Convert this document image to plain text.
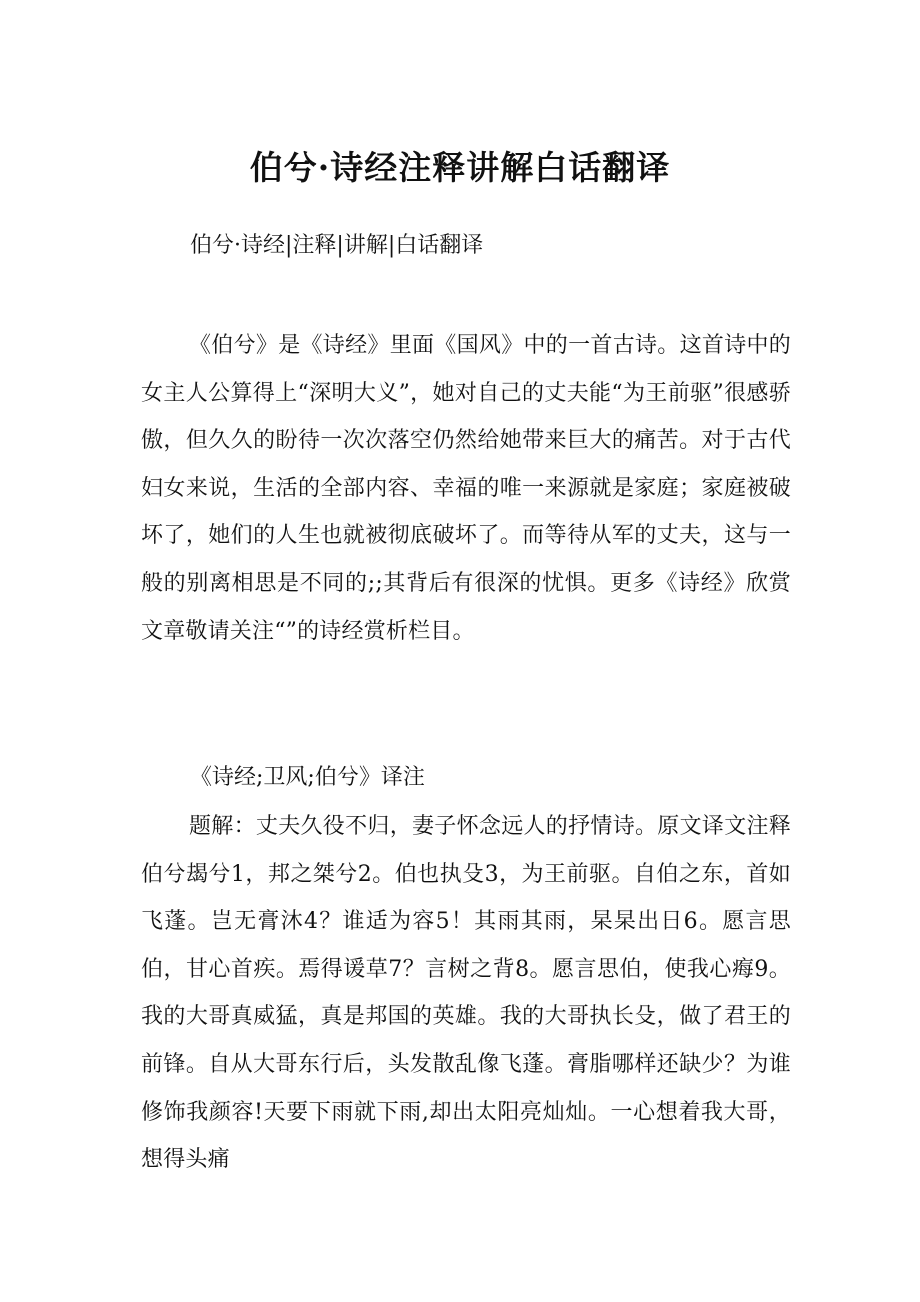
伯兮·诗经注释讲解白话翻译
伯兮·诗经|注释|讲解|白话翻译
《伯兮》是《诗经》里面《国风》中的一首古诗。这首诗中的女主人公算得上“深明大义”，她对自己的丈夫能“为王前驱”很感骄傲，但久久的盼待一次次落空仍然给她带来巨大的痛苦。对于古代妇女来说，生活的全部内容、幸福的唯一来源就是家庭；家庭被破坏了，她们的人生也就被彻底破坏了。而等待从军的丈夫，这与一般的别离相思是不同的;;其背后有很深的忧惧。更多《诗经》欣赏文章敬请关注“”的诗经赏析栏目。
《诗经;卫风;伯兮》译注
题解：丈夫久役不归，妻子怀念远人的抒情诗。原文译文注释伯兮朅兮1，邦之桀兮2。伯也执殳3，为王前驱。自伯之东，首如飞蓬。岂无膏沐4？谁适为容5！其雨其雨，杲杲出日6。愿言思伯，甘心首疾。焉得谖草7？言树之背8。愿言思伯，使我心痗9。我的大哥真威猛，真是邦国的英雄。我的大哥执长殳，做了君王的前锋。自从大哥东行后，头发散乱像飞蓬。膏脂哪样还缺少？为谁修饰我颜容!天要下雨就下雨,却出太阳亮灿灿。一心想着我大哥，想得头痛
